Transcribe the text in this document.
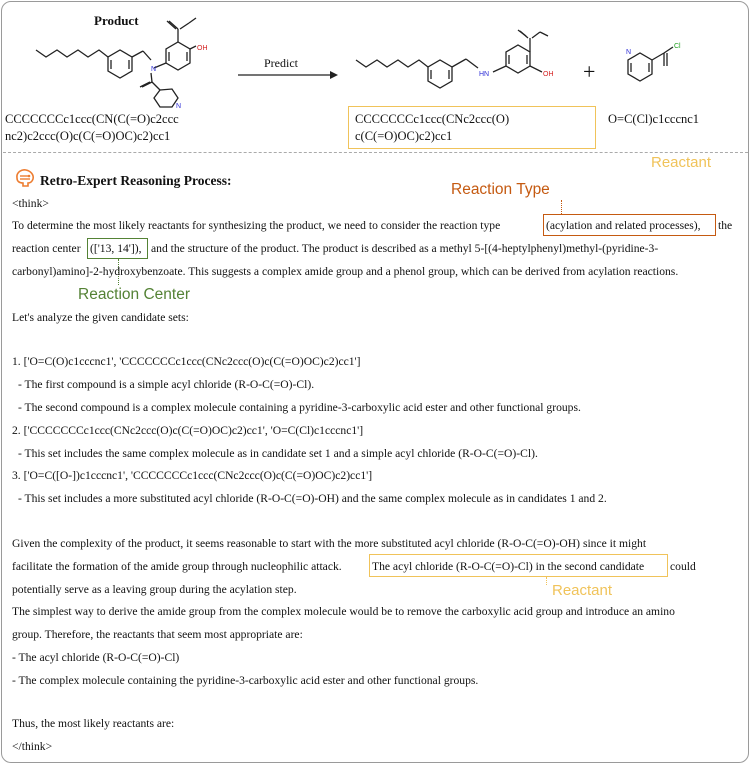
Product
N
N
OH
CCCCCCCc1ccc(CN(C(=O)c2ccc
nc2)c2ccc(O)c(C(=O)OC)c2)cc1
Predict
HN	OH +
N
Cl
CCCCCCCc1ccc(CNc2ccc(O)
c(C(=O)OC)c2)cc1
O=C(Cl)c1cccnc1
Reactant
Retro-Expert Reasoning Process:
Reaction Type
<think>
To determine the most likely reactants for synthesizing the product, we need to consider the reaction type	(acylation and related processes), the
reaction center (['13, 14']), and the structure of the product. The product is described as a methyl 5-[(4-heptylphenyl)methyl-(pyridine-3-
carbonyl)amino]-2-hydroxybenzoate. This suggests a complex amide group and a phenol group, which can be derived from acylation reactions.
Reaction Center
Let's analyze the given candidate sets:
1. ['O=C(O)c1cccnc1', 'CCCCCCCc1ccc(CNc2ccc(O)c(C(=O)OC)c2)cc1']
- The first compound is a simple acyl chloride (R-O-C(=O)-Cl).
- The second compound is a complex molecule containing a pyridine-3-carboxylic acid ester and other functional groups.
2. ['CCCCCCCc1ccc(CNc2ccc(O)c(C(=O)OC)c2)cc1', 'O=C(Cl)c1cccnc1']
- This set includes the same complex molecule as in candidate set 1 and a simple acyl chloride (R-O-C(=O)-Cl).
3. ['O=C([O-])c1cccnc1', 'CCCCCCCc1ccc(CNc2ccc(O)c(C(=O)OC)c2)cc1']
- This set includes a more substituted acyl chloride (R-O-C(=O)-OH) and the same complex molecule as in candidates 1 and 2.
Given the complexity of the product, it seems reasonable to start with the more substituted acyl chloride (R-O-C(=O)-OH) since it might
facilitate the formation of the amide group through nucleophilic attack.	The acyl chloride (R-O-C(=O)-Cl) in the second candidate could
Reactant
potentially serve as a leaving group during the acylation step.
The simplest way to derive the amide group from the complex molecule would be to remove the carboxylic acid group and introduce an amino
group. Therefore, the reactants that seem most appropriate are:
- The acyl chloride (R-O-C(=O)-Cl)
- The complex molecule containing the pyridine-3-carboxylic acid ester and other functional groups.
Thus, the most likely reactants are:
</think>
